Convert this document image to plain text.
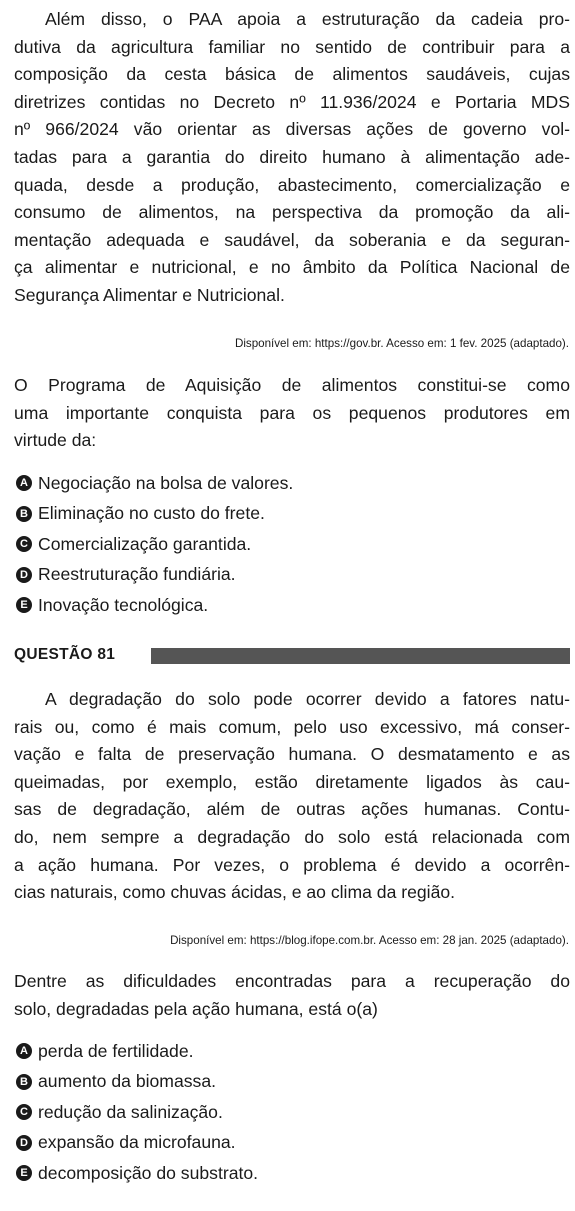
Além disso, o PAA apoia a estruturação da cadeia pro-
dutiva da agricultura familiar no sentido de contribuir para a
composição da cesta básica de alimentos saudáveis, cujas
diretrizes contidas no Decreto nº 11.936/2024 e Portaria MDS
nº 966/2024 vão orientar as diversas ações de governo vol-
tadas para a garantia do direito humano à alimentação ade-
quada, desde a produção, abastecimento, comercialização e
consumo de alimentos, na perspectiva da promoção da ali-
mentação adequada e saudável, da soberania e da seguran-
ça alimentar e nutricional, e no âmbito da Política Nacional de
Segurança Alimentar e Nutricional.
Disponível em: https://gov.br. Acesso em: 1 fev. 2025 (adaptado).
O Programa de Aquisição de alimentos constitui-se como
uma importante conquista para os pequenos produtores em
virtude da:
A Negociação na bolsa de valores.
B Eliminação no custo do frete.
C Comercialização garantida.
D Reestruturação fundiária.
E Inovação tecnológica.
QUESTÃO 81
A degradação do solo pode ocorrer devido a fatores natu-
rais ou, como é mais comum, pelo uso excessivo, má conser-
vação e falta de preservação humana. O desmatamento e as
queimadas, por exemplo, estão diretamente ligados às cau-
sas de degradação, além de outras ações humanas. Contu-
do, nem sempre a degradação do solo está relacionada com
a ação humana. Por vezes, o problema é devido a ocorrên-
cias naturais, como chuvas ácidas, e ao clima da região.
Disponível em: https://blog.ifope.com.br. Acesso em: 28 jan. 2025 (adaptado).
Dentre as dificuldades encontradas para a recuperação do
solo, degradadas pela ação humana, está o(a)
A perda de fertilidade.
B aumento da biomassa.
C redução da salinização.
D expansão da microfauna.
E decomposição do substrato.
